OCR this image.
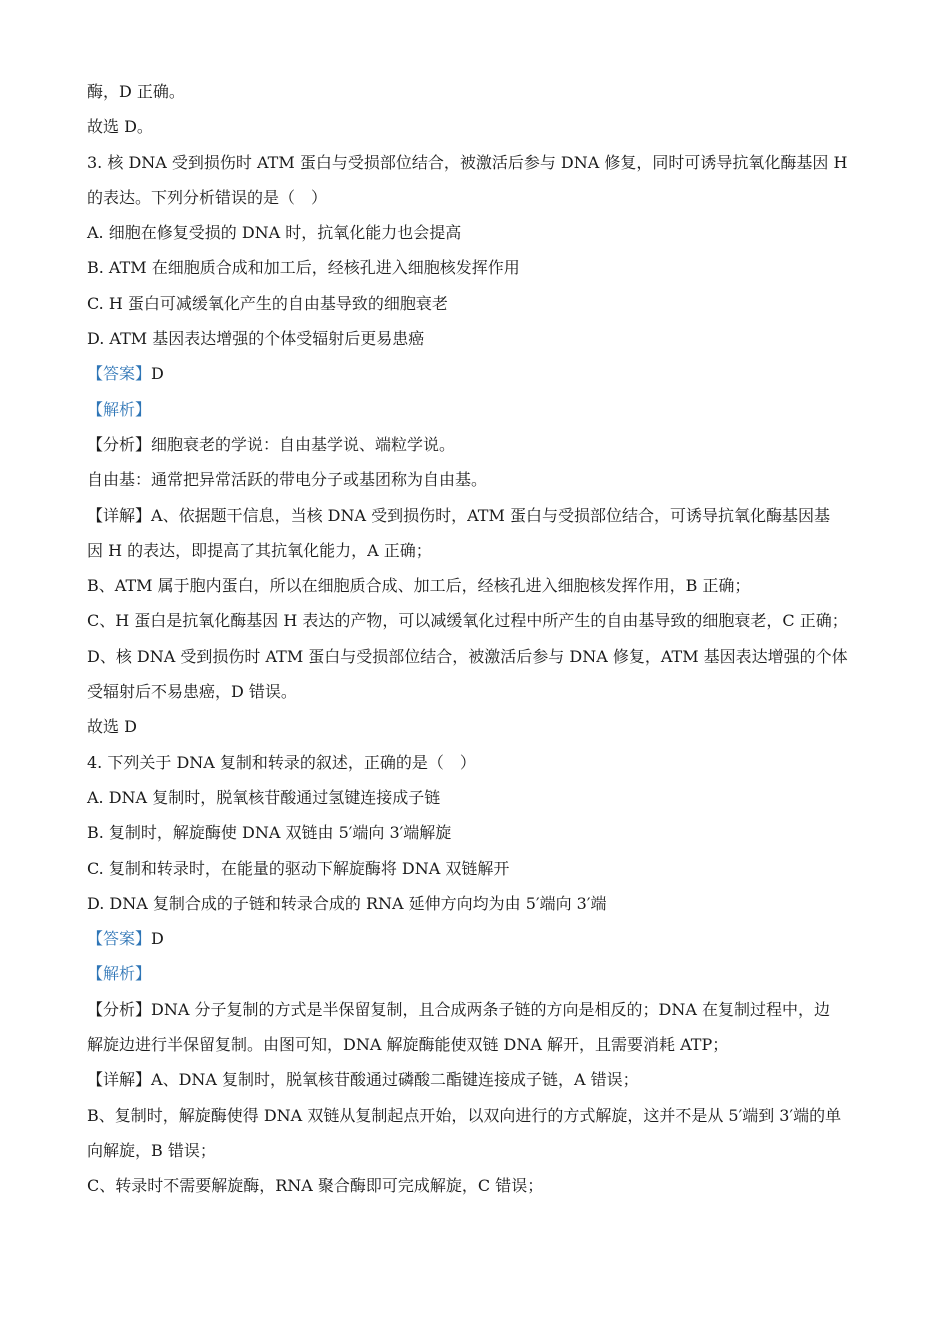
酶，D 正确。
故选 D。
3. 核 DNA 受到损伤时 ATM 蛋白与受损部位结合，被激活后参与 DNA 修复，同时可诱导抗氧化酶基因 H
的表达。下列分析错误的是（　）
A. 细胞在修复受损的 DNA 时，抗氧化能力也会提高
B. ATM 在细胞质合成和加工后，经核孔进入细胞核发挥作用
C. H 蛋白可减缓氧化产生的自由基导致的细胞衰老
D. ATM 基因表达增强的个体受辐射后更易患癌
【答案】D
【解析】
【分析】细胞衰老的学说：自由基学说、端粒学说。
自由基：通常把异常活跃的带电分子或基团称为自由基。
【详解】A、依据题干信息，当核 DNA 受到损伤时，ATM 蛋白与受损部位结合，可诱导抗氧化酶基因基
因 H 的表达，即提高了其抗氧化能力，A 正确；
B、ATM 属于胞内蛋白，所以在细胞质合成、加工后，经核孔进入细胞核发挥作用，B 正确；
C、H 蛋白是抗氧化酶基因 H 表达的产物，可以减缓氧化过程中所产生的自由基导致的细胞衰老，C 正确；
D、核 DNA 受到损伤时 ATM 蛋白与受损部位结合，被激活后参与 DNA 修复，ATM 基因表达增强的个体
受辐射后不易患癌，D 错误。
故选 D
4. 下列关于 DNA 复制和转录的叙述，正确的是（　）
A. DNA 复制时，脱氧核苷酸通过氢键连接成子链
B. 复制时，解旋酶使 DNA 双链由 5′端向 3′端解旋
C. 复制和转录时，在能量的驱动下解旋酶将 DNA 双链解开
D. DNA 复制合成的子链和转录合成的 RNA 延伸方向均为由 5′端向 3′端
【答案】D
【解析】
【分析】DNA 分子复制的方式是半保留复制，且合成两条子链的方向是相反的；DNA 在复制过程中，边
解旋边进行半保留复制。由图可知，DNA 解旋酶能使双链 DNA 解开，且需要消耗 ATP；
【详解】A、DNA 复制时，脱氧核苷酸通过磷酸二酯键连接成子链，A 错误；
B、复制时，解旋酶使得 DNA 双链从复制起点开始，以双向进行的方式解旋，这并不是从 5′端到 3′端的单
向解旋，B 错误；
C、转录时不需要解旋酶，RNA 聚合酶即可完成解旋，C 错误；
